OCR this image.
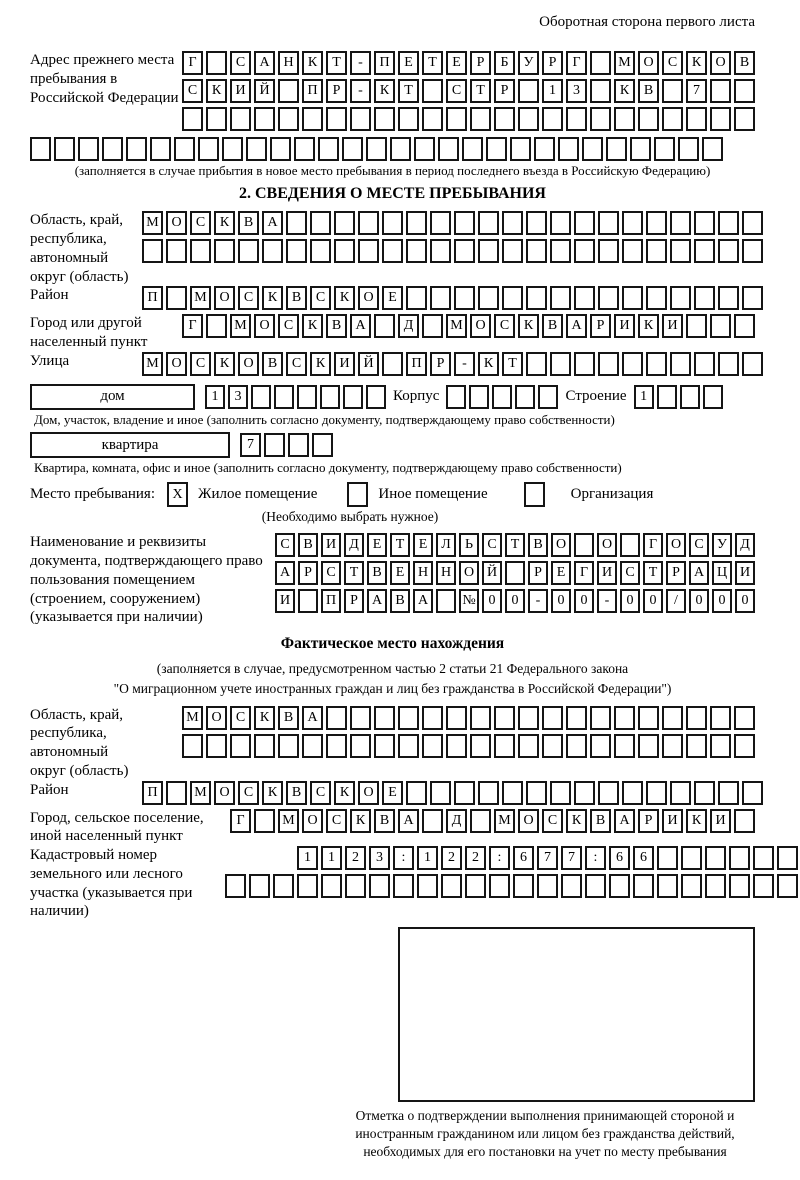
Оборотная сторона первого листа
Адрес прежнего места пребывания в Российской Федерации
Г	С	А Н	К	Т	-	П	Е	Т	Е	Р	Б	У	Р	Г	М О	С	К	О	В
С	К	И Й	П	Р	-	К	Т	С	Т	Р	1	3	К	В	7
(заполняется в случае прибытия в новое место пребывания в период последнего въезда в Российскую Федерацию)
2. СВЕДЕНИЯ О МЕСТЕ ПРЕБЫВАНИЯ
Область, край, республика, автономный округ (область)
М О	С	К	В	А
Район	П	М О	С	К	В	С	К	О	Е
Город или другой населенный пункт
Г	М О	С	К	В	А	Д	М О	С	К	В	А	Р	И	К	И
Улица	М О	С	К	О	В	С	К	И Й	П	Р	-	К	Т
дом	1	3	Корпус	Строение 1
Дом, участок, владение и иное (заполнить согласно документу, подтверждающему право собственности)
квартира	7
Квартира, комната, офис и иное (заполнить согласно документу, подтверждающему право собственности)
Место пребывания:	X	Жилое помещение	Иное помещение	Организация
(Необходимо выбрать нужное)
Наименование и реквизиты документа, подтверждающего право пользования помещением (строением, сооружением) (указывается при наличии)
С В И Д Е	Т	Е Л	Ь	С	Т	В О	О	Г О С У Д
А	Р	С	Т	В	Е Н Н О Й	Р	Е	Г И С	Т	Р	А Ц И
И	П	Р	А В А	№ 0	0	-	0	0	-	0	0	/	0	0	0
Фактическое место нахождения
(заполняется в случае, предусмотренном частью 2 статьи 21 Федерального закона
"О миграционном учете иностранных граждан и лиц без гражданства в Российской Федерации")
Область, край, республика, автономный округ (область)
М О	С	К	В	А
Район	П	М О	С	К	В	С	К	О	Е
Город, сельское поселение, иной населенный пункт
Г	М О	С	К	В	А	Д	М О	С	К	В	А	Р	И	К	И
Кадастровый номер земельного или лесного участка (указывается при наличии)
1	1	2	3	:	1	2	2	:	6	7	7	:	6	6
Отметка о подтверждении выполнения принимающей стороной и иностранным гражданином или лицом без гражданства действий, необходимых для его постановки на учет по месту пребывания
